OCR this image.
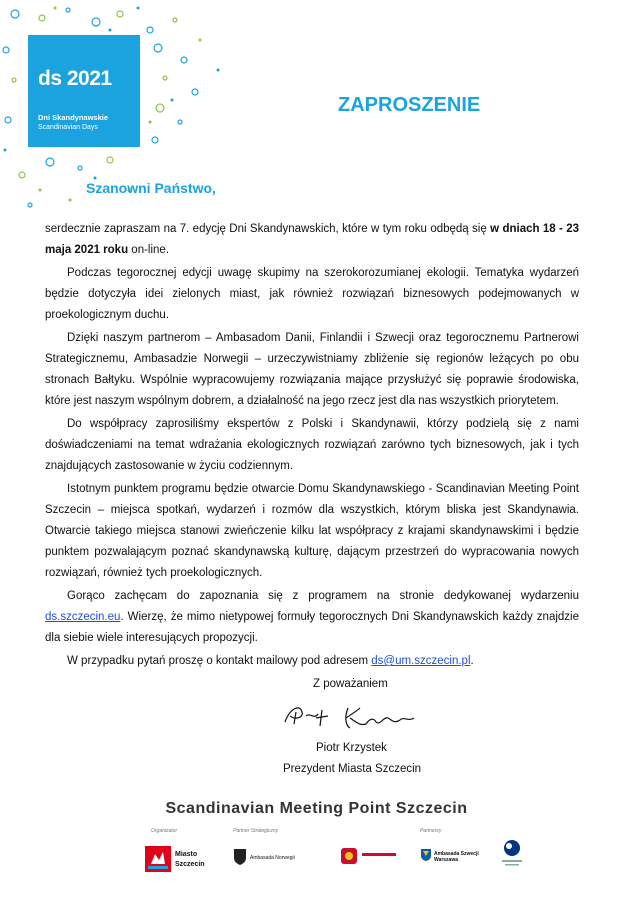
ds 2021
Dni Skandynawskie
Scandinavian Days
ZAPROSZENIE
Szanowni Państwo,

serdecznie zapraszam na 7. edycję Dni Skandynawskich, które w tym roku odbędą się w dniach 18 - 23 maja 2021 roku on-line.

Podczas tegorocznej edycji uwagę skupimy na szerokorozumianej ekologii. Tematyka wydarzeń będzie dotyczyła idei zielonych miast, jak również rozwiązań biznesowych podejmowanych w proekologicznym duchu.

Dzięki naszym partnerom – Ambasadom Danii, Finlandii i Szwecji oraz tegorocznemu Partnerowi Strategicznemu, Ambasadzie Norwegii – urzeczywistniamy zbliżenie się regionów leżących po obu stronach Bałtyku. Wspólnie wypracowujemy rozwiązania mające przysłużyć się poprawie środowiska, które jest naszym wspólnym dobrem, a działalność na jego rzecz jest dla nas wszystkich priorytetem.

Do współpracy zaprosiliśmy ekspertów z Polski i Skandynawii, którzy podzielą się z nami doświadczeniami na temat wdrażania ekologicznych rozwiązań zarówno tych biznesowych, jak i tych znajdujących zastosowanie w życiu codziennym.

Istotnym punktem programu będzie otwarcie Domu Skandynawskiego - Scandinavian Meeting Point Szczecin – miejsca spotkań, wydarzeń i rozmów dla wszystkich, którym bliska jest Skandynawia. Otwarcie takiego miejsca stanowi zwieńczenie kilku lat współpracy z krajami skandynawskimi i będzie punktem pozwalającym poznać skandynawską kulturę, dającym przestrzeń do wypracowania nowych rozwiązań, również tych proekologicznych.

Gorąco zachęcam do zapoznania się z programem na stronie dedykowanej wydarzeniu ds.szczecin.eu. Wierzę, że mimo nietypowej formuły tegorocznych Dni Skandynawskich każdy znajdzie dla siebie wiele interesujących propozycji.

W przypadku pytań proszę o kontakt mailowy pod adresem ds@um.szczecin.pl.

Z poważaniem
Piotr Krzystek
Prezydent Miasta Szczecin
Scandinavian Meeting Point Szczecin
Organizator	Partner Strategiczny	Partnerzy
Miasto
Szczecin
Ambasada Norwegii
Ambasada Szwecji
Warszawa
